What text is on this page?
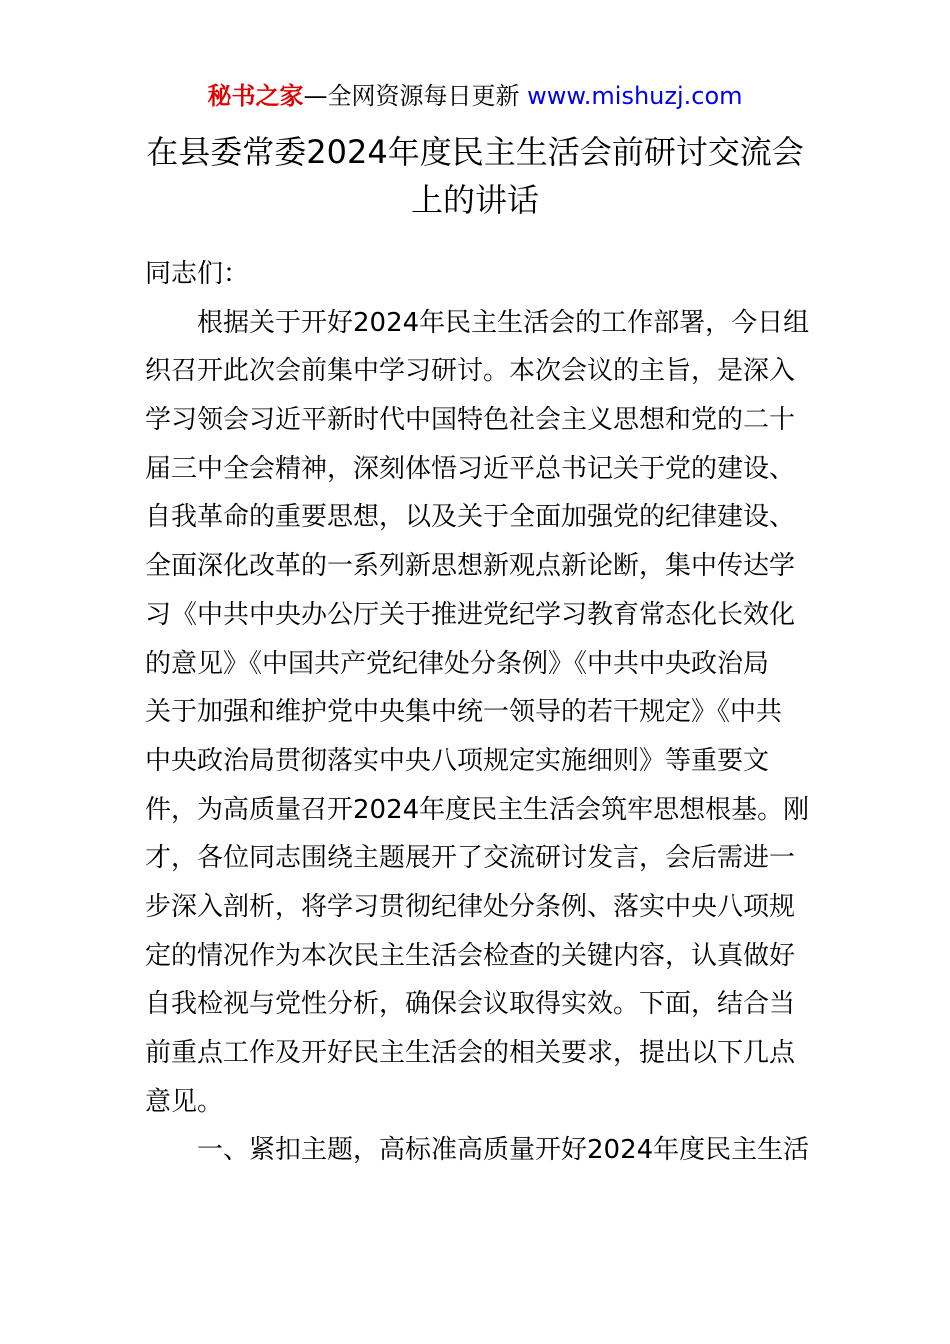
秘书之家—全网资源每日更新 www.mishuzj.com
在县委常委2024年度民主生活会前研讨交流会
上的讲话
同志们：
根据关于开好2024年民主生活会的工作部署，今日组
织召开此次会前集中学习研讨。本次会议的主旨，是深入
学习领会习近平新时代中国特色社会主义思想和党的二十
届三中全会精神，深刻体悟习近平总书记关于党的建设、
自我革命的重要思想，以及关于全面加强党的纪律建设、
全面深化改革的一系列新思想新观点新论断，集中传达学
习《中共中央办公厅关于推进党纪学习教育常态化长效化
的意见》《中国共产党纪律处分条例》《中共中央政治局
关于加强和维护党中央集中统一领导的若干规定》《中共
中央政治局贯彻落实中央八项规定实施细则》等重要文
件，为高质量召开2024年度民主生活会筑牢思想根基。刚
才，各位同志围绕主题展开了交流研讨发言，会后需进一
步深入剖析，将学习贯彻纪律处分条例、落实中央八项规
定的情况作为本次民主生活会检查的关键内容，认真做好
自我检视与党性分析，确保会议取得实效。下面，结合当
前重点工作及开好民主生活会的相关要求，提出以下几点
意见。
一、紧扣主题，高标准高质量开好2024年度民主生活
